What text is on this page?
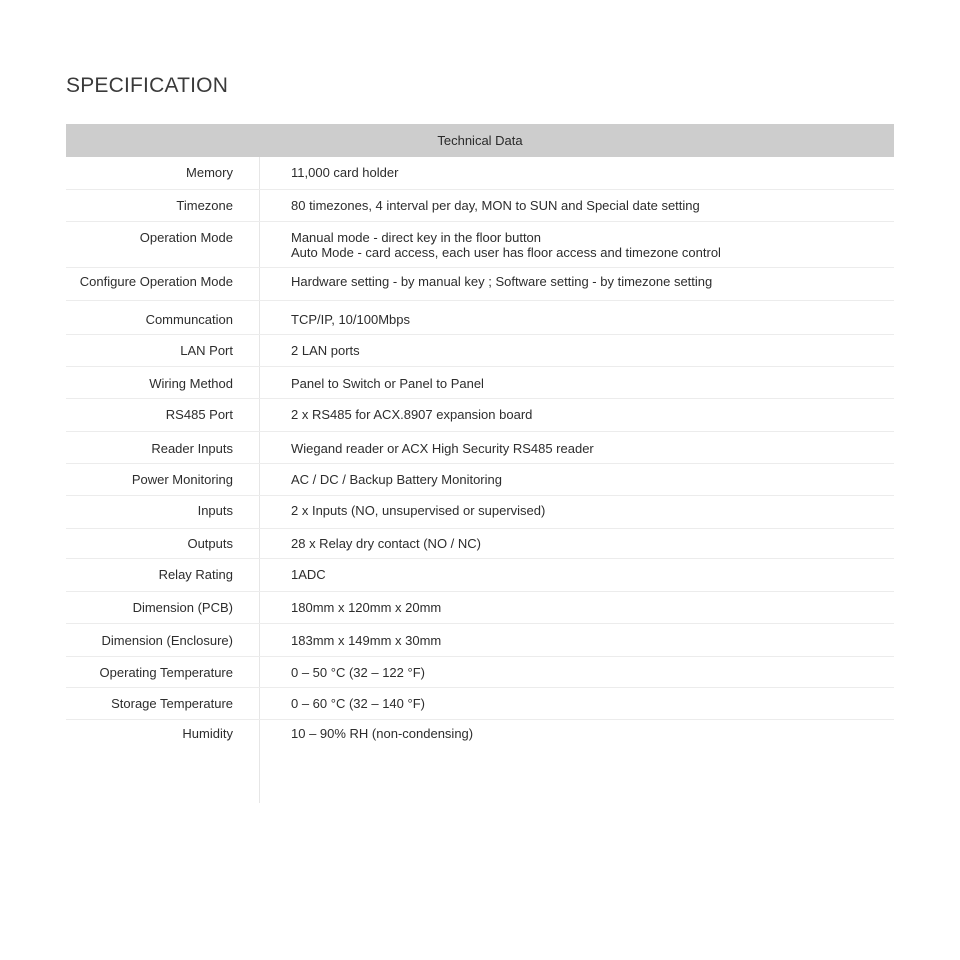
SPECIFICATION
Technical Data
Memory	11,000 card holder
Timezone	80 timezones, 4 interval per day, MON to SUN and Special date setting
Operation Mode	Manual mode - direct key in the floor button
Auto Mode - card access, each user has floor access and timezone control
Configure Operation Mode	Hardware setting - by manual key ; Software setting - by timezone setting
Communcation	TCP/IP, 10/100Mbps
LAN Port	2 LAN ports
Wiring Method	Panel to Switch or Panel to Panel
RS485 Port	2 x RS485 for ACX.8907 expansion board
Reader Inputs	Wiegand reader or ACX High Security RS485 reader
Power Monitoring	AC / DC / Backup Battery Monitoring
Inputs	2 x Inputs (NO, unsupervised or supervised)
Outputs	28 x Relay dry contact (NO / NC)
Relay Rating	1ADC
Dimension (PCB)	180mm x 120mm x 20mm
Dimension (Enclosure)	183mm x 149mm x 30mm
Operating Temperature	0 – 50 °C (32 – 122 °F)
Storage Temperature	0 – 60 °C (32 – 140 °F)
Humidity	10 – 90% RH (non-condensing)
